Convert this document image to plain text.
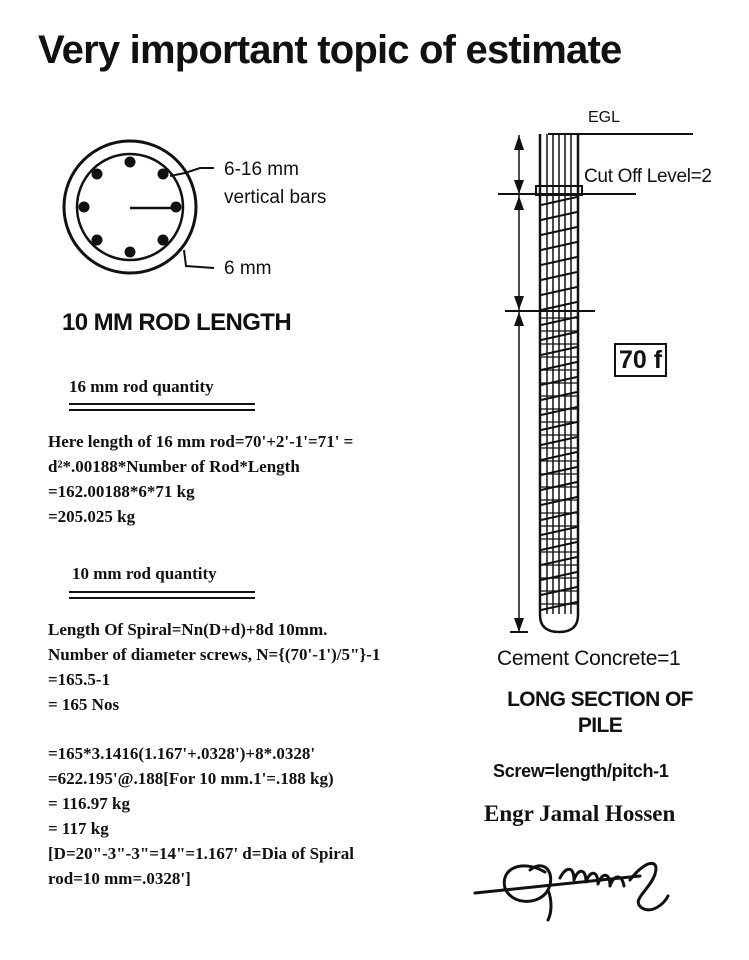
Very important topic of estimate
6-16 mm
vertical bars
6 mm
10 MM ROD LENGTH
16 mm rod quantity
Here length of 16 mm rod=70'+2'-1'=71' =
d²*.00188*Number of Rod*Length
=162.00188*6*71 kg
=205.025 kg
10 mm rod quantity
Length Of Spiral=Nn(D+d)+8d 10mm.
Number of diameter screws, N={(70'-1')/5"}-1
=165.5-1
= 165 Nos
=165*3.1416(1.167'+.0328')+8*.0328'
=622.195'@.188[For 10 mm.1'=.188 kg)
= 116.97 kg
= 117 kg
[D=20"-3"-3"=14"=1.167' d=Dia of Spiral
rod=10 mm=.0328']
EGL
Cut Off Level=2
70 f
Cement Concrete=1
LONG SECTION OF
PILE
Screw=length/pitch-1
Engr Jamal Hossen
